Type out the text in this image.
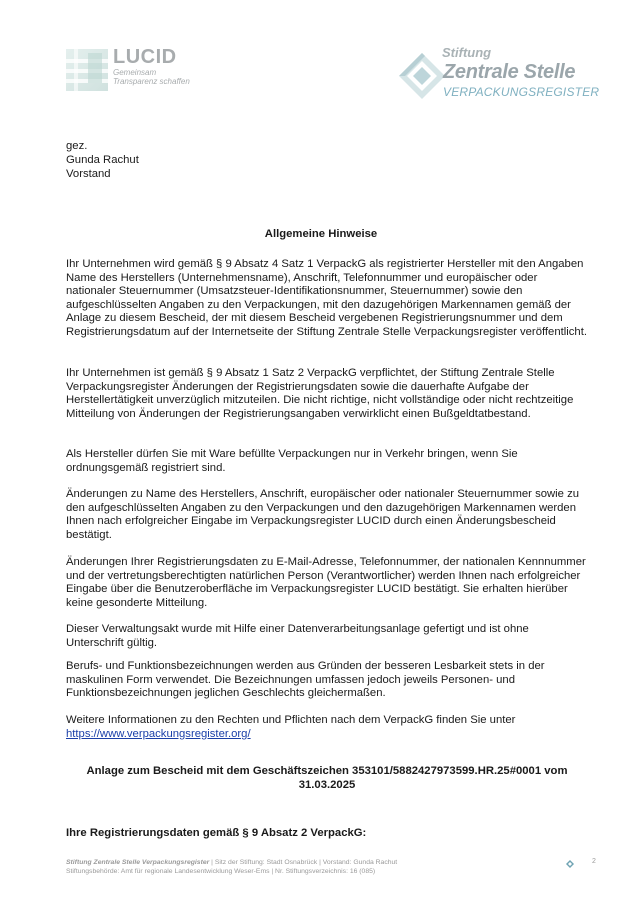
LUCID
Gemeinsam
Transparenz schaffen
Stiftung
Zentrale Stelle
VERPACKUNGSREGISTER
gez.
Gunda Rachut
Vorstand
Allgemeine Hinweise
Ihr Unternehmen wird gemäß § 9 Absatz 4 Satz 1 VerpackG als registrierter Hersteller mit den Angaben Name des Herstellers (Unternehmensname), Anschrift, Telefonnummer und europäischer oder nationaler Steuernummer (Umsatzsteuer-Identifikationsnummer, Steuernummer) sowie den aufgeschlüsselten Angaben zu den Verpackungen, mit den dazugehörigen Markennamen gemäß der Anlage zu diesem Bescheid, der mit diesem Bescheid vergebenen Registrierungsnummer und dem Registrierungsdatum auf der Internetseite der Stiftung Zentrale Stelle Verpackungsregister veröffentlicht.
Ihr Unternehmen ist gemäß § 9 Absatz 1 Satz 2 VerpackG verpflichtet, der Stiftung Zentrale Stelle Verpackungsregister Änderungen der Registrierungsdaten sowie die dauerhafte Aufgabe der Herstellertätigkeit unverzüglich mitzuteilen. Die nicht richtige, nicht vollständige oder nicht rechtzeitige Mitteilung von Änderungen der Registrierungsangaben verwirklicht einen Bußgeldtatbestand.
Als Hersteller dürfen Sie mit Ware befüllte Verpackungen nur in Verkehr bringen, wenn Sie ordnungsgemäß registriert sind.
Änderungen zu Name des Herstellers, Anschrift, europäischer oder nationaler Steuernummer sowie zu den aufgeschlüsselten Angaben zu den Verpackungen und den dazugehörigen Markennamen werden Ihnen nach erfolgreicher Eingabe im Verpackungsregister LUCID durch einen Änderungsbescheid bestätigt.
Änderungen Ihrer Registrierungsdaten zu E-Mail-Adresse, Telefonnummer, der nationalen Kennnummer und der vertretungsberechtigten natürlichen Person (Verantwortlicher) werden Ihnen nach erfolgreicher Eingabe über die Benutzeroberfläche im Verpackungsregister LUCID bestätigt. Sie erhalten hierüber keine gesonderte Mitteilung.
Dieser Verwaltungsakt wurde mit Hilfe einer Datenverarbeitungsanlage gefertigt und ist ohne Unterschrift gültig.
Berufs- und Funktionsbezeichnungen werden aus Gründen der besseren Lesbarkeit stets in der maskulinen Form verwendet. Die Bezeichnungen umfassen jedoch jeweils Personen- und Funktionsbezeichnungen jeglichen Geschlechts gleichermaßen.
Weitere Informationen zu den Rechten und Pflichten nach dem VerpackG finden Sie unter
https://www.verpackungsregister.org/
Anlage zum Bescheid mit dem Geschäftszeichen 353101/5882427973599.HR.25#0001 vom
31.03.2025
Ihre Registrierungsdaten gemäß § 9 Absatz 2 VerpackG:
Stiftung Zentrale Stelle Verpackungsregister | Sitz der Stiftung: Stadt Osnabrück | Vorstand: Gunda Rachut
Stiftungsbehörde: Amt für regionale Landesentwicklung Weser-Ems | Nr. Stiftungsverzeichnis: 16 (085)
2
